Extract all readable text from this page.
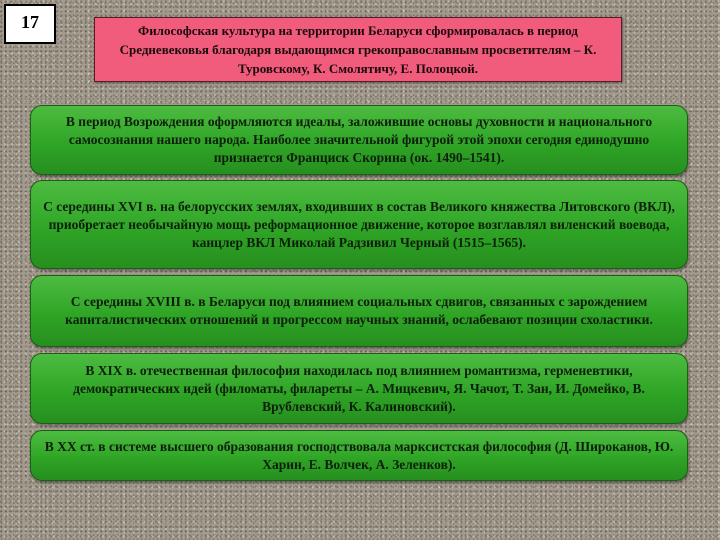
17	Философская культура на территории Беларуси сформировалась в период Средневековья благодаря выдающимся грекоправославным просветителям – К. Туровскому, К. Смолятичу, Е. Полоцкой.
В период Возрождения оформляются идеалы, заложившие основы духовности и национального самосознания нашего народа. Наиболее значительной фигурой этой эпохи сегодня единодушно признается Франциск Скорина (ок. 1490–1541).
С середины XVI в. на белорусских землях, входивших в состав Великого княжества Литовского (ВКЛ), приобретает необычайную мощь реформационное движение, которое возглавлял виленский воевода, канцлер ВКЛ Миколай Радзивил Черный (1515–1565).
С середины XVIII в. в Беларуси под влиянием социальных сдвигов, связанных с зарождением капиталистических отношений и прогрессом научных знаний, ослабевают позиции схоластики.
В XIX в. отечественная философия находилась под влиянием романтизма, герменевтики, демократических идей (филоматы, филареты – А. Мицкевич, Я. Чачот, Т. Зан, И. Домейко, В. Врублевский, К. Калиновский).
В XX ст. в системе высшего образования господствовала марксистская философия (Д. Широканов, Ю. Харин, Е. Волчек, А. Зеленков).
